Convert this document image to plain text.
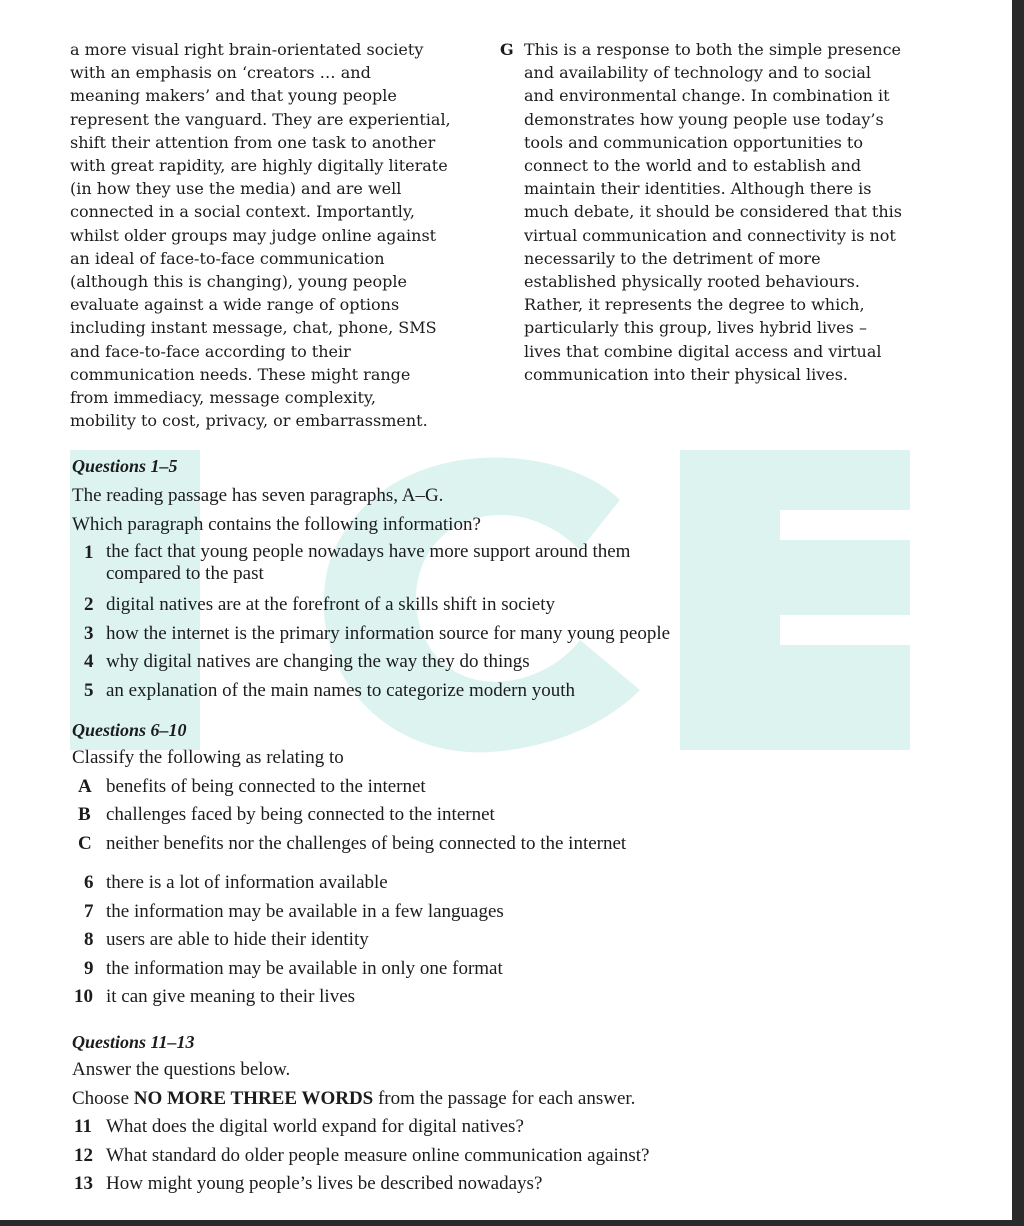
a more visual right brain-orientated society
with an emphasis on ‘creators … and
meaning makers’ and that young people
represent the vanguard. They are experiential,
shift their attention from one task to another
with great rapidity, are highly digitally literate
(in how they use the media) and are well
connected in a social context. Importantly,
whilst older groups may judge online against
an ideal of face-to-face communication
(although this is changing), young people
evaluate against a wide range of options
including instant message, chat, phone, SMS
and face-to-face according to their
communication needs. These might range
from immediacy, message complexity,
mobility to cost, privacy, or embarrassment.
G This is a response to both the simple presence
and availability of technology and to social
and environmental change. In combination it
demonstrates how young people use today’s
tools and communication opportunities to
connect to the world and to establish and
maintain their identities. Although there is
much debate, it should be considered that this
virtual communication and connectivity is not
necessarily to the detriment of more
established physically rooted behaviours.
Rather, it represents the degree to which,
particularly this group, lives hybrid lives –
lives that combine digital access and virtual
communication into their physical lives.
Questions 1–5
The reading passage has seven paragraphs, A–G.
Which paragraph contains the following information?
1 the fact that young people nowadays have more support around them
compared to the past
2 digital natives are at the forefront of a skills shift in society
3 how the internet is the primary information source for many young people
4 why digital natives are changing the way they do things
5 an explanation of the main names to categorize modern youth
Questions 6–10
Classify the following as relating to
A benefits of being connected to the internet
B challenges faced by being connected to the internet
C neither benefits nor the challenges of being connected to the internet
6 there is a lot of information available
7 the information may be available in a few languages
8 users are able to hide their identity
9 the information may be available in only one format
10 it can give meaning to their lives
Questions 11–13
Answer the questions below.
Choose NO MORE THREE WORDS from the passage for each answer.
11 What does the digital world expand for digital natives?
12 What standard do older people measure online communication against?
13 How might young people’s lives be described nowadays?
